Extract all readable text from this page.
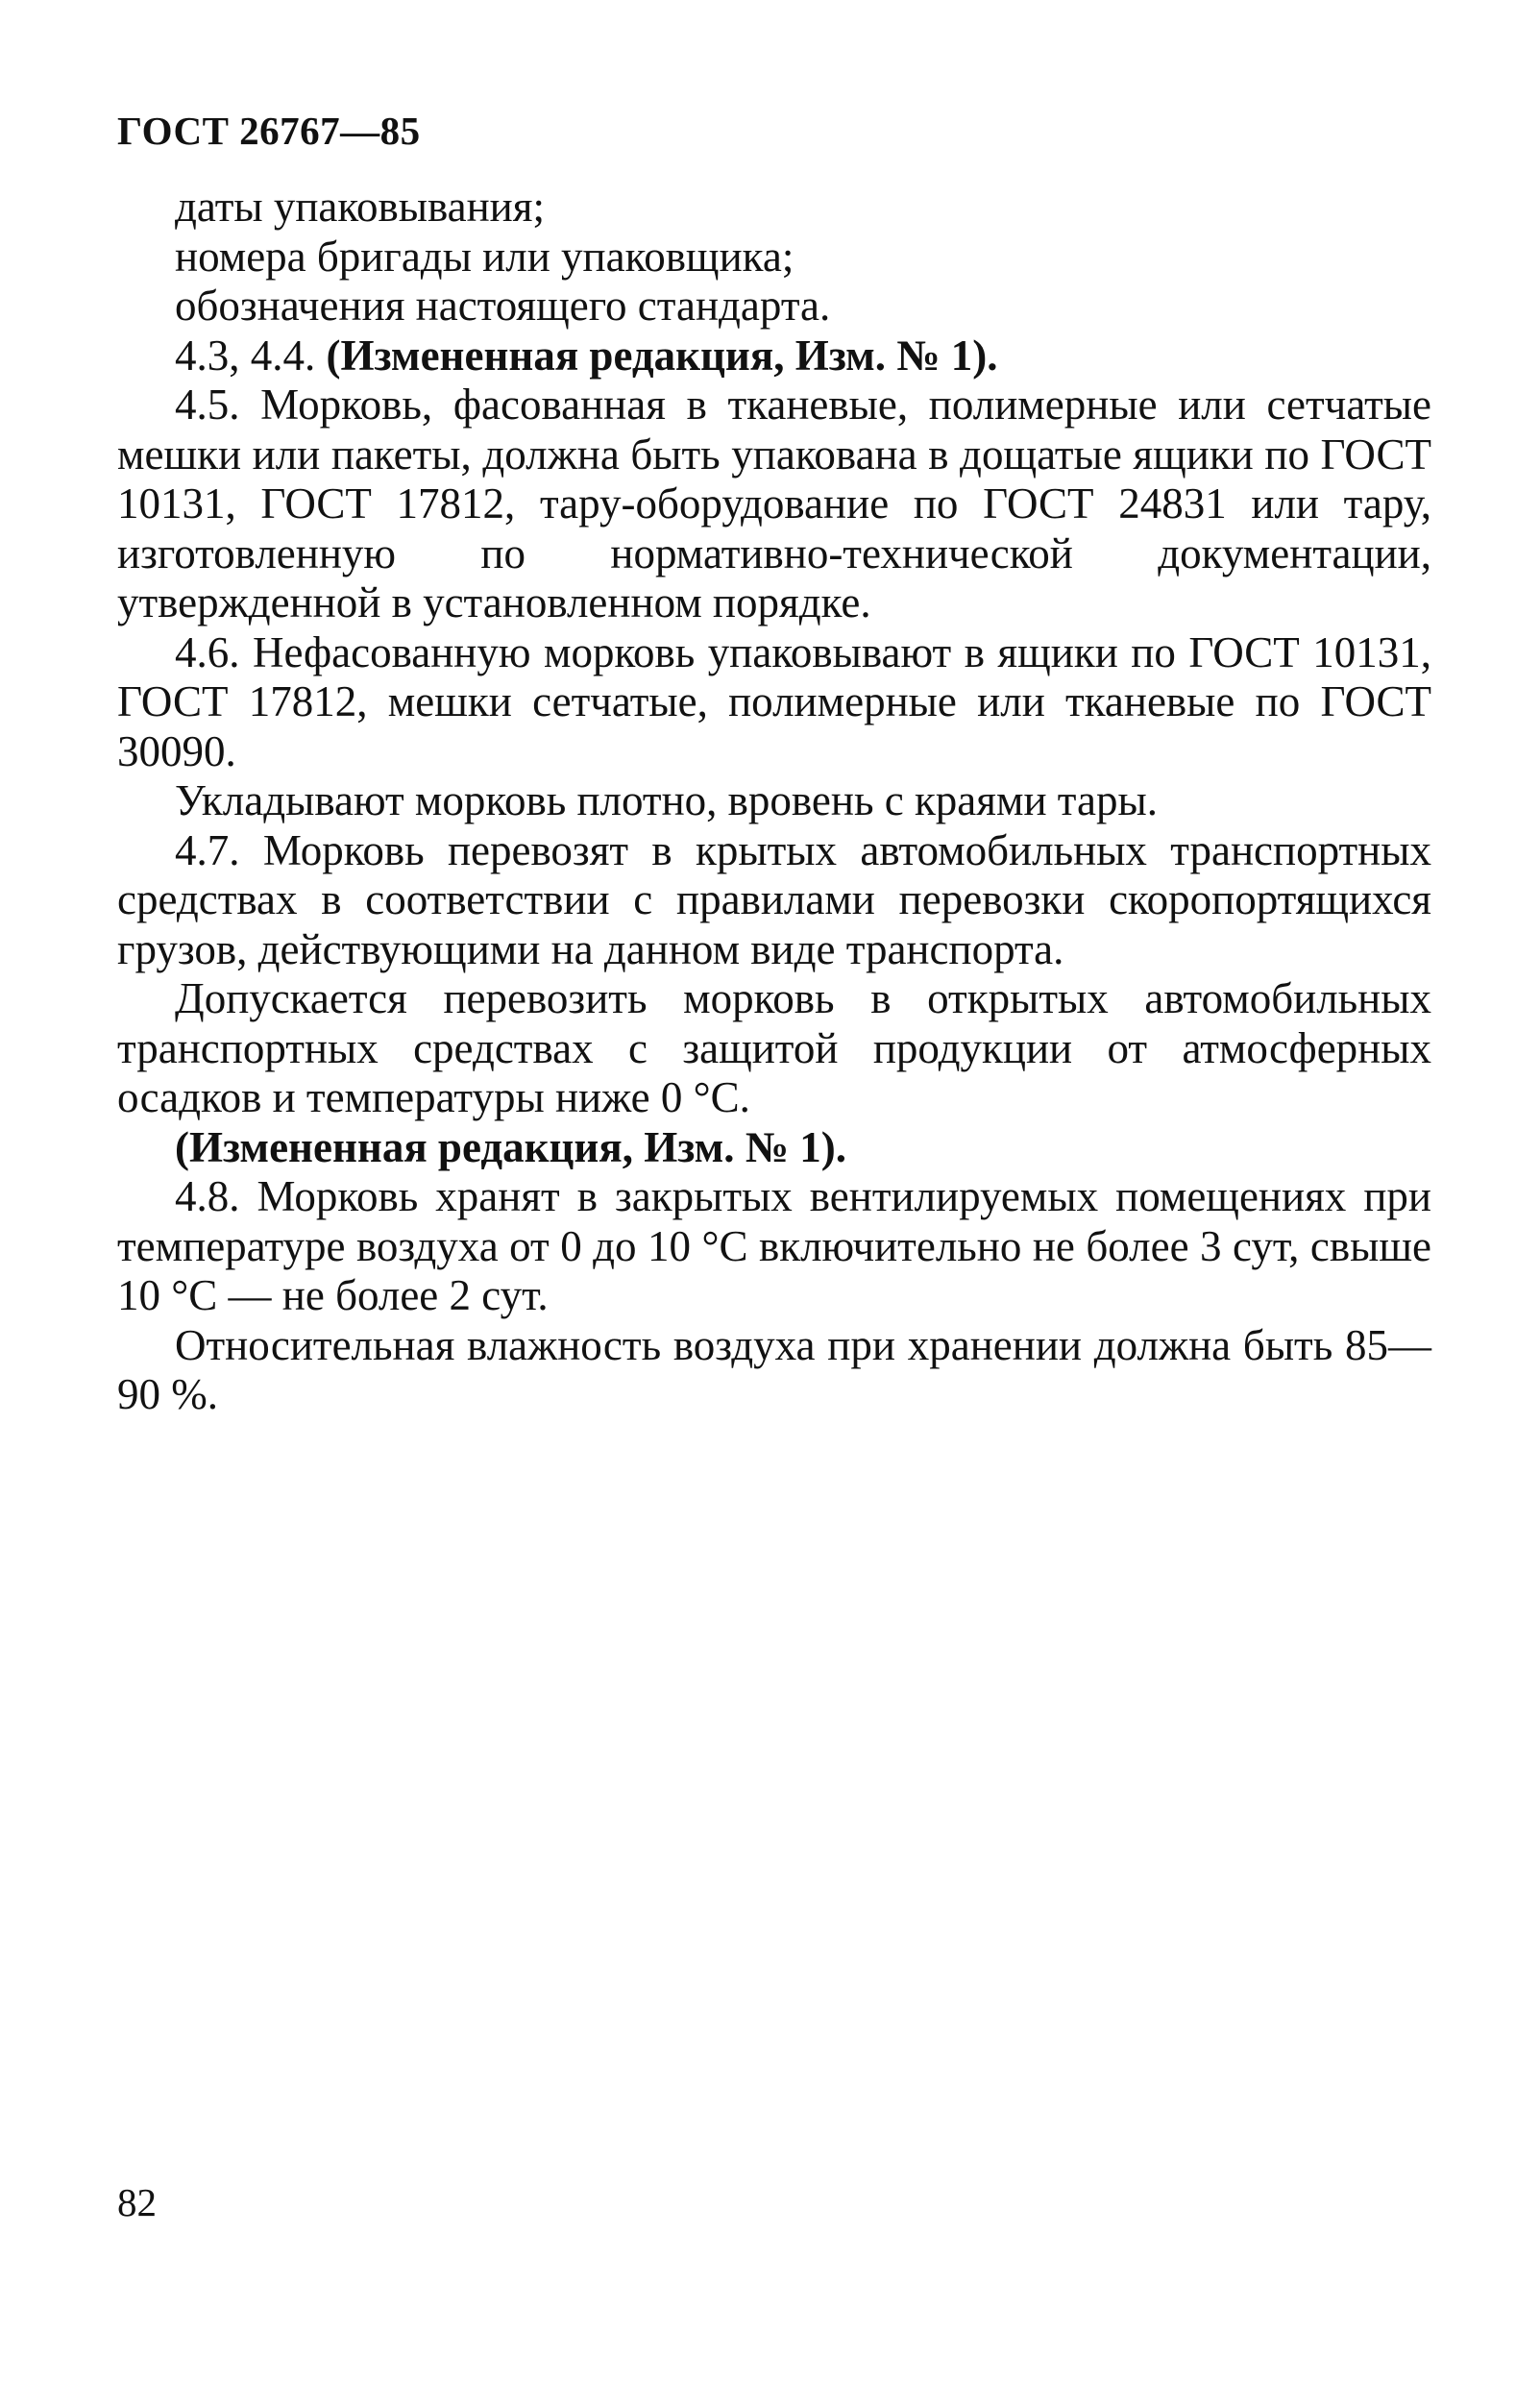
ГОСТ 26767—85

даты упаковывания;

номера бригады или упаковщика;

обозначения настоящего стандарта.

4.3, 4.4. (Измененная редакция, Изм. № 1).

4.5. Морковь, фасованная в тканевые, полимерные или сетчатые мешки или пакеты, должна быть упакована в дощатые ящики по ГОСТ 10131, ГОСТ 17812, тару-оборудование по ГОСТ 24831 или тару, изготовленную по нормативно-технической документации, утвержденной в установленном порядке.

4.6. Нефасованную морковь упаковывают в ящики по ГОСТ 10131, ГОСТ 17812, мешки сетчатые, полимерные или тканевые по ГОСТ 30090.

Укладывают морковь плотно, вровень с краями тары.

4.7. Морковь перевозят в крытых автомобильных транспортных средствах в соответствии с правилами перевозки скоропортящихся грузов, действующими на данном виде транспорта.

Допускается перевозить морковь в открытых автомобильных транспортных средствах с защитой продукции от атмосферных осадков и температуры ниже 0 °С.

(Измененная редакция, Изм. № 1).

4.8. Морковь хранят в закрытых вентилируемых помещениях при температуре воздуха от 0 до 10 °С включительно не более 3 сут, свыше 10 °С — не более 2 сут.

Относительная влажность воздуха при хранении должна быть 85—90 %.

82
